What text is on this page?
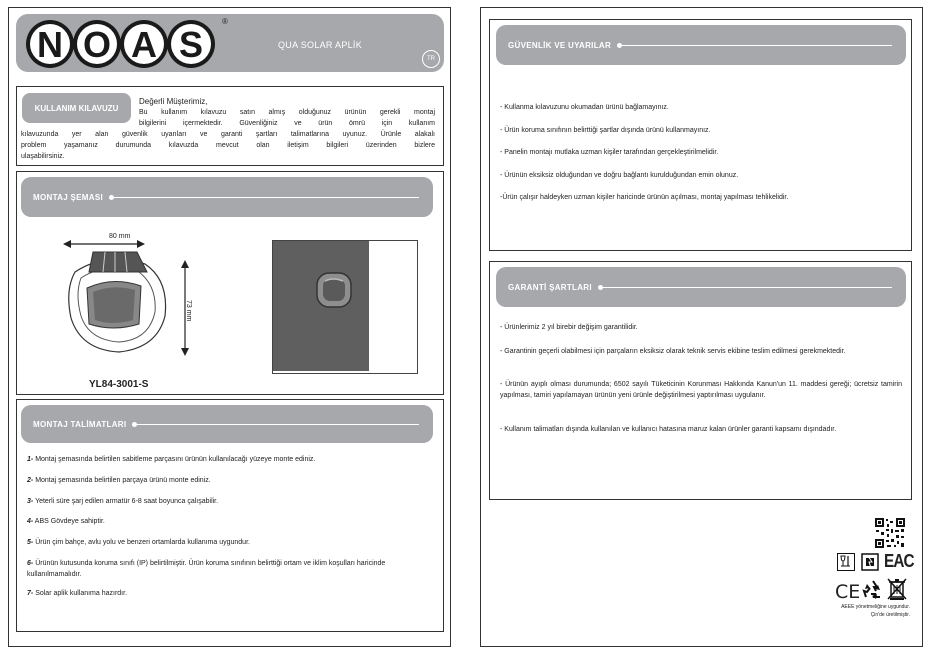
N O A S
®
QUA SOLAR APLİK
TR
KULLANIM KILAVUZU
Değerli Müşterimiz,
Bu kullanım kılavuzu satın almış olduğunuz ürünün gerekli montaj
bilgilerini içermektedir. Güvenliğiniz ve ürün ömrü için kullanım
kılavuzunda yer alan güvenlik uyarıları ve garanti şartları talimatlarına uyunuz. Ürünle alakalı
problem yaşamanız durumunda kılavuzda mevcut olan iletişim bilgileri üzerinden bizlere
ulaşabilirsiniz.
MONTAJ ŞEMASI
80 mm
73 mm
YL84-3001-S
MONTAJ TALİMATLARI
1- Montaj şemasında belirtilen sabitleme parçasını ürünün kullanılacağı yüzeye monte ediniz.
2- Montaj şemasında belirtilen parçaya ürünü monte ediniz.
3- Yeterli süre şarj edilen armatür 6-8 saat boyunca çalışabilir.
4- ABS Gövdeye sahiptir.
5- Ürün çim bahçe, avlu yolu ve benzeri ortamlarda kullanıma uygundur.
6- Ürünün kutusunda koruma sınıfı (IP) belirtilmiştir. Ürün koruma sınıfının belirttiği ortam ve iklim koşulları haricinde kullanılmamalıdır.
7- Solar aplik kullanıma hazırdır.
GÜVENLİK VE UYARILAR
- Kullanma kılavuzunu okumadan ürünü bağlamayınız.
- Ürün koruma sınıfının belirttiği şartlar dışında ürünü kullanmayınız.
- Panelin montajı mutlaka uzman kişiler tarafından gerçekleştirilmelidir.
- Ürünün eksiksiz olduğundan ve doğru bağlantı kurulduğundan emin olunuz.
-Ürün çalışır haldeyken uzman kişiler haricinde ürünün açılması, montaj yapılması tehlikelidir.
GARANTİ ŞARTLARI
- Ürünlerimiz 2 yıl birebir değişim garantilidir.
- Garantinin geçerli olabilmesi için parçaların eksiksiz olarak teknik servis ekibine teslim edilmesi gerekmektedir.
- Ürünün ayıplı olması durumunda; 6502 sayılı Tüketicinin Korunması Hakkında Kanun'un 11. maddesi gereği; ücretsiz tamirin yapılması, tamiri yapılamayan ürünün yeni ürünle değiştirilmesi yaptırılması uygulanır.
- Kullanım talimatları dışında kullanılan ve kullanıcı hatasına maruz kalan ürünler garanti kapsamı dışındadır.
EAC
CE
AEEE yönetmeliğine uygundur.
Çin'de üretilmiştir.
